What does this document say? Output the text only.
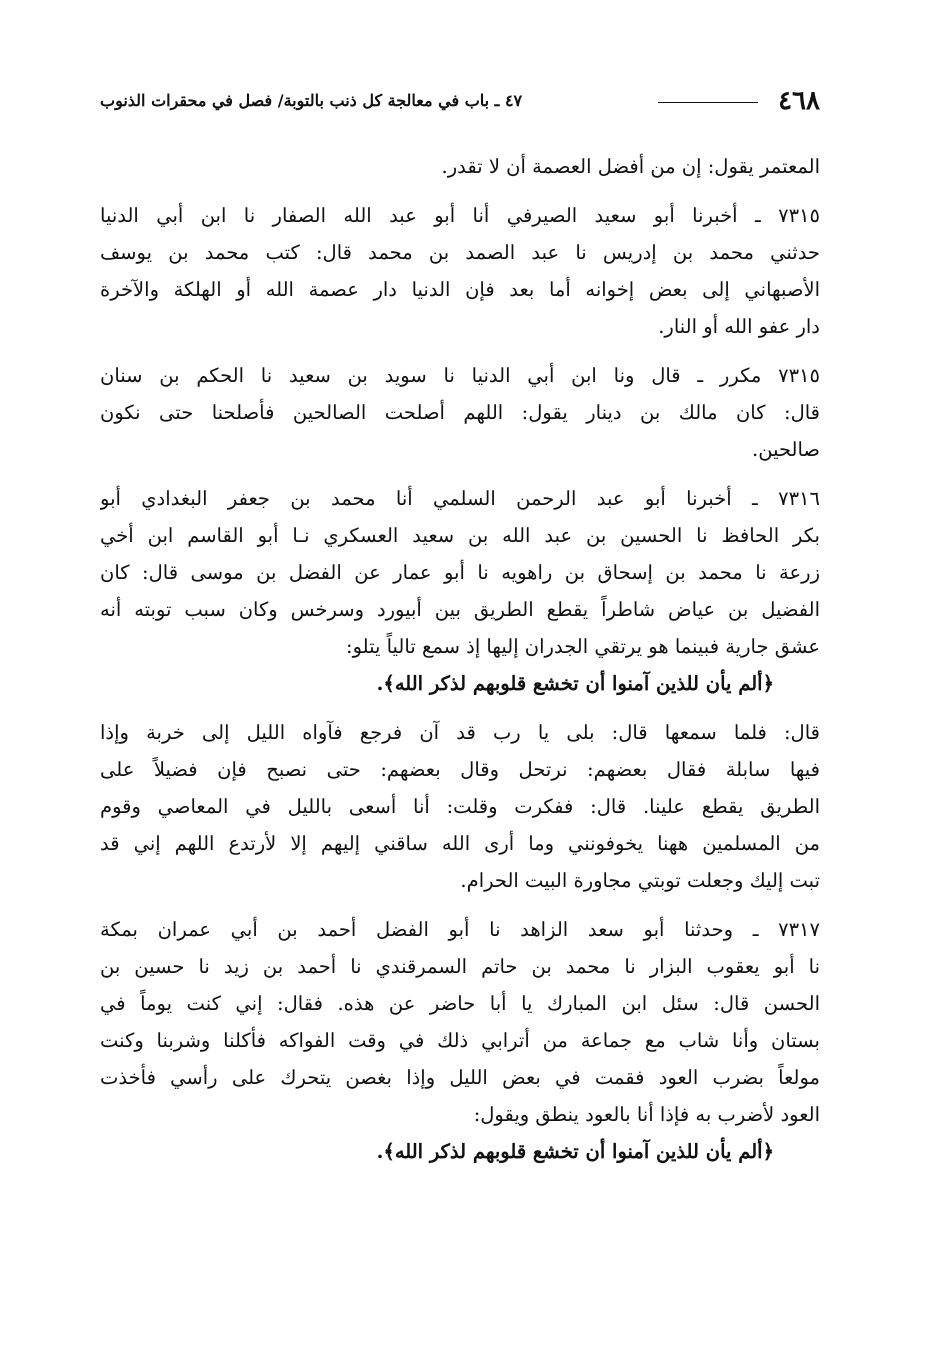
٤٦٨
٤٧ ـ باب في معالجة كل ذنب بالتوبة/ فصل في محقرات الذنوب
المعتمر يقول: إن من أفضل العصمة أن لا تقدر.
٧٣١٥ ـ أخبرنا أبو سعيد الصيرفي أنا أبو عبد الله الصفار نا ابن أبي الدنيا
حدثني محمد بن إدريس نا عبد الصمد بن محمد قال: كتب محمد بن يوسف
الأصبهاني إلى بعض إخوانه أما بعد فإن الدنيا دار عصمة الله أو الهلكة والآخرة
دار عفو الله أو النار.
٧٣١٥ مكرر ـ قال ونا ابن أبي الدنيا نا سويد بن سعيد نا الحكم بن سنان
قال: كان مالك بن دينار يقول: اللهم أصلحت الصالحين فأصلحنا حتى نكون
صالحين.
٧٣١٦ ـ أخبرنا أبو عبد الرحمن السلمي أنا محمد بن جعفر البغدادي أبو
بكر الحافظ نا الحسين بن عبد الله بن سعيد العسكري نـا أبو القاسم ابن أخي
زرعة نا محمد بن إسحاق بن راهويه نا أبو عمار عن الفضل بن موسى قال: كان
الفضيل بن عياض شاطراً يقطع الطريق بين أبيورد وسرخس وكان سبب توبته أنه
عشق جارية فبينما هو يرتقي الجدران إليها إذ سمع تالياً يتلو:
﴿ألم يأن للذين آمنوا أن تخشع قلوبهم لذكر الله﴾.
قال: فلما سمعها قال: بلى يا رب قد آن فرجع فآواه الليل إلى خربة وإذا
فيها سابلة فقال بعضهم: نرتحل وقال بعضهم: حتى نصبح فإن فضيلاً على
الطريق يقطع علينا. قال: ففكرت وقلت: أنا أسعى بالليل في المعاصي وقوم
من المسلمين ههنا يخوفونني وما أرى الله ساقني إليهم إلا لأرتدع اللهم إني قد
تبت إليك وجعلت توبتي مجاورة البيت الحرام.
٧٣١٧ ـ وحدثنا أبو سعد الزاهد نا أبو الفضل أحمد بن أبي عمران بمكة
نا أبو يعقوب البزار نا محمد بن حاتم السمرقندي نا أحمد بن زيد نا حسين بن
الحسن قال: سئل ابن المبارك يا أبا حاضر عن هذه. فقال: إني كنت يوماً في
بستان وأنا شاب مع جماعة من أترابي ذلك في وقت الفواكه فأكلنا وشربنا وكنت
مولعاً بضرب العود فقمت في بعض الليل وإذا بغصن يتحرك على رأسي فأخذت
العود لأضرب به فإذا أنا بالعود ينطق ويقول:
﴿ألم يأن للذين آمنوا أن تخشع قلوبهم لذكر الله﴾.
